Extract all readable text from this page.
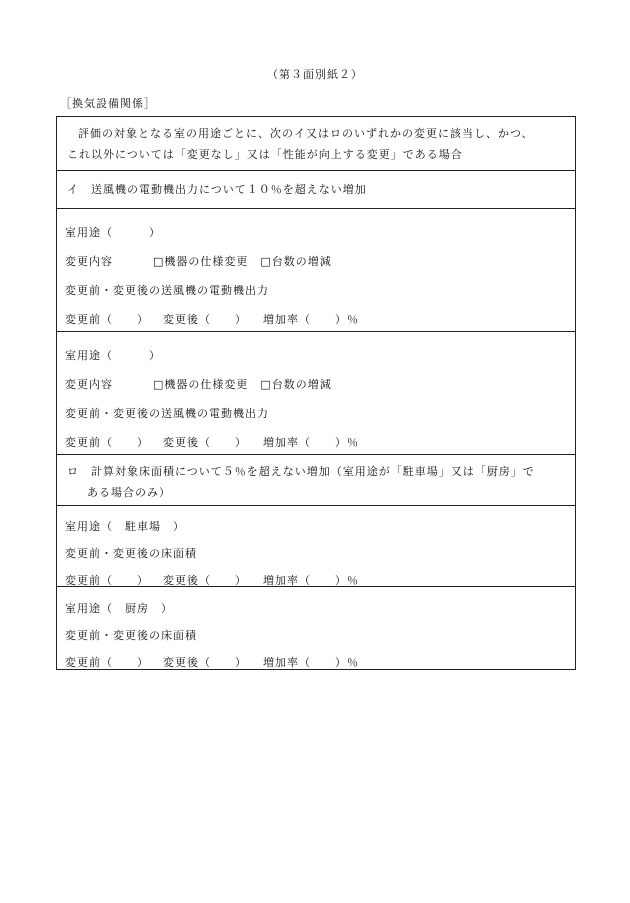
（第３面別紙２）
［換気設備関係］
評価の対象となる室の用途ごとに、次のイ又はロのいずれかの変更に該当し、かつ、
これ以外については「変更なし」又は「性能が向上する変更」である場合
イ　送風機の電動機出力について１０％を超えない増加
室用途（　　　）
変更内容	□機器の仕様変更 □台数の増減
変更前・変更後の送風機の電動機出力
変更前（　　） 変更後（　　） 増加率（　　）％
室用途（　　　）
変更内容	□機器の仕様変更 □台数の増減
変更前・変更後の送風機の電動機出力
変更前（　　） 変更後（　　） 増加率（　　）％
ロ　計算対象床面積について５％を超えない増加（室用途が「駐車場」又は「厨房」で
ある場合のみ）
室用途（　駐車場　）
変更前・変更後の床面積
変更前（　　） 変更後（　　） 増加率（　　）％
室用途（　厨房　）
変更前・変更後の床面積
変更前（　　） 変更後（　　） 増加率（　　）％
